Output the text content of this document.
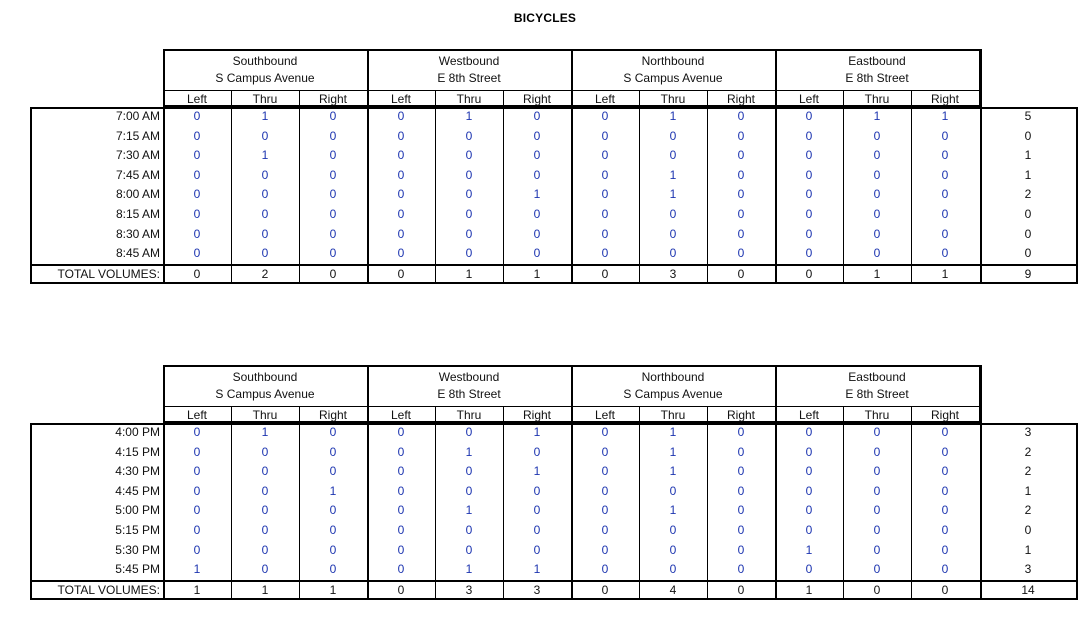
BICYCLES
Southbound
S Campus Avenue
Left	Thru	Right
Westbound
E 8th Street
Left	Thru	Right
Northbound
S Campus Avenue
Left	Thru	Right
Eastbound
E 8th Street
Left	Thru	Right
7:00 AM	0	1	0	0	1	0	0	1	0	0	1	1	5
7:15 AM	0	0	0	0	0	0	0	0	0	0	0	0	0
7:30 AM	0	1	0	0	0	0	0	0	0	0	0	0	1
7:45 AM	0	0	0	0	0	0	0	1	0	0	0	0	1
8:00 AM	0	0	0	0	0	1	0	1	0	0	0	0	2
8:15 AM	0	0	0	0	0	0	0	0	0	0	0	0	0
8:30 AM	0	0	0	0	0	0	0	0	0	0	0	0	0
8:45 AM	0	0	0	0	0	0	0	0	0	0	0	0	0
TOTAL VOLUMES:	0	2	0	0	1	1	0	3	0	0	1	1	9
Southbound
S Campus Avenue
Left	Thru	Right
Westbound
E 8th Street
Left	Thru	Right
Northbound
S Campus Avenue
Left	Thru	Right
Eastbound
E 8th Street
Left	Thru	Right
4:00 PM	0	1	0	0	0	1	0	1	0	0	0	0	3
4:15 PM	0	0	0	0	1	0	0	1	0	0	0	0	2
4:30 PM	0	0	0	0	0	1	0	1	0	0	0	0	2
4:45 PM	0	0	1	0	0	0	0	0	0	0	0	0	1
5:00 PM	0	0	0	0	1	0	0	1	0	0	0	0	2
5:15 PM	0	0	0	0	0	0	0	0	0	0	0	0	0
5:30 PM	0	0	0	0	0	0	0	0	0	1	0	0	1
5:45 PM	1	0	0	0	1	1	0	0	0	0	0	0	3
TOTAL VOLUMES:	1	1	1	0	3	3	0	4	0	1	0	0	14
